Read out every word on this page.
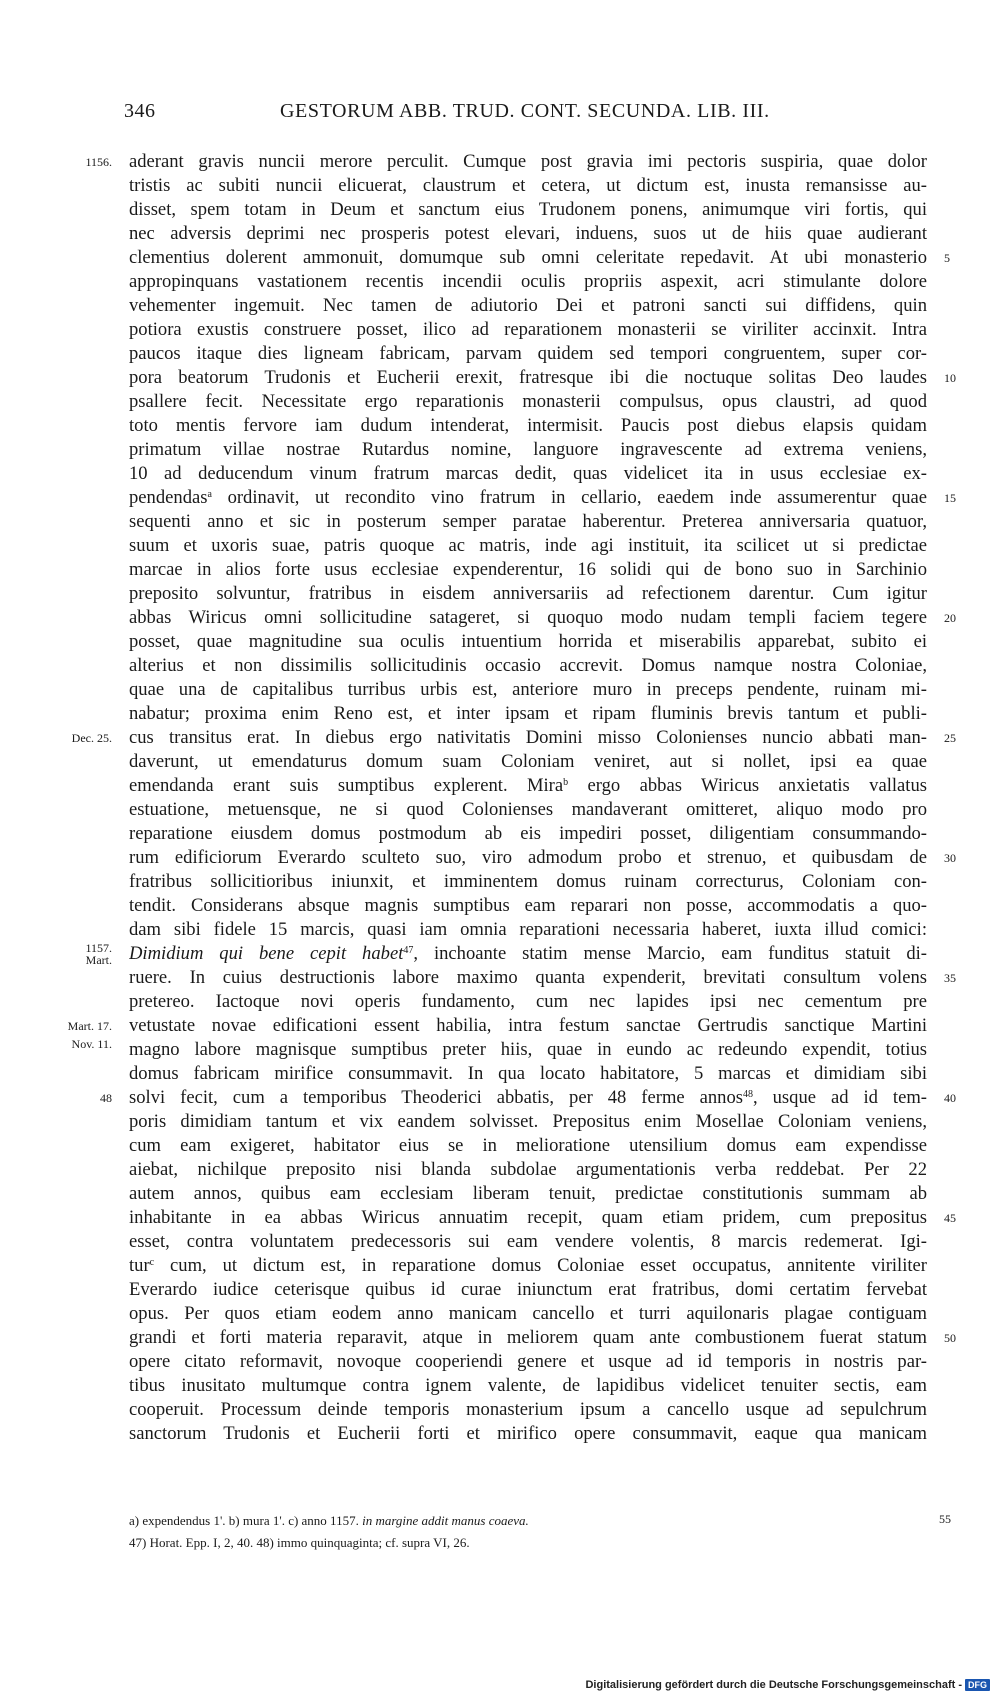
346	GESTORUM ABB. TRUD. CONT. SECUNDA. LIB. III.
aderant gravis nuncii merore perculit. Cumque post gravia imi pectoris suspiria, quae dolor
tristis ac subiti nuncii elicuerat, claustrum et cetera, ut dictum est, inusta remansisse au-
disset, spem totam in Deum et sanctum eius Trudonem ponens, animumque viri fortis, qui
nec adversis deprimi nec prosperis potest elevari, induens, suos ut de hiis quae audierant
clementius dolerent ammonuit, domumque sub omni celeritate repedavit. At ubi monasterio
appropinquans vastationem recentis incendii oculis propriis aspexit, acri stimulante dolore
vehementer ingemuit. Nec tamen de adiutorio Dei et patroni sancti sui diffidens, quin
potiora exustis construere posset, ilico ad reparationem monasterii se viriliter accinxit. Intra
paucos itaque dies ligneam fabricam, parvam quidem sed tempori congruentem, super cor-
pora beatorum Trudonis et Eucherii erexit, fratresque ibi die noctuque solitas Deo laudes
psallere fecit. Necessitate ergo reparationis monasterii compulsus, opus claustri, ad quod
toto mentis fervore iam dudum intenderat, intermisit. Paucis post diebus elapsis quidam
primatum villae nostrae Rutardus nomine, languore ingravescente ad extrema veniens,
10 ad deducendum vinum fratrum marcas dedit, quas videlicet ita in usus ecclesiae ex-
pendendas$^a$ ordinavit, ut recondito vino fratrum in cellario, eaedem inde assumerentur quae
sequenti anno et sic in posterum semper paratae haberentur. Preterea anniversaria quatuor,
suum et uxoris suae, patris quoque ac matris, inde agi instituit, ita scilicet ut si predictae
marcae in alios forte usus ecclesiae expenderentur, 16 solidi qui de bono suo in Sarchinio
preposito solvuntur, fratribus in eisdem anniversariis ad refectionem darentur. Cum igitur
abbas Wiricus omni sollicitudine satageret, si quoquo modo nudam templi faciem tegere
posset, quae magnitudine sua oculis intuentium horrida et miserabilis apparebat, subito ei
alterius et non dissimilis sollicitudinis occasio accrevit. Domus namque nostra Coloniae,
quae una de capitalibus turribus urbis est, anteriore muro in preceps pendente, ruinam mi-
nabatur; proxima enim Reno est, et inter ipsam et ripam fluminis brevis tantum et publi-
cus transitus erat. In diebus ergo nativitatis Domini misso Colonienses nuncio abbati man-
daverunt, ut emendaturus domum suam Coloniam veniret, aut si nollet, ipsi ea quae
emendanda erant suis sumptibus explerent. Mira$^b$ ergo abbas Wiricus anxietatis vallatus
estuatione, metuensque, ne si quod Colonienses mandaverant omitteret, aliquo modo pro
reparatione eiusdem domus postmodum ab eis impediri posset, diligentiam consummando-
rum edificiorum Everardo sculteto suo, viro admodum probo et strenuo, et quibusdam de
fratribus sollicitioribus iniunxit, et imminentem domus ruinam correcturus, Coloniam con-
tendit. Considerans absque magnis sumptibus eam reparari non posse, accommodatis a quo-
dam sibi fidele 15 marcis, quasi iam omnia reparationi necessaria haberet, iuxta illud comici:
Dimidium qui bene cepit habet$^{47}$, inchoante statim mense Marcio, eam funditus statuit di-
ruere. In cuius destructionis labore maximo quanta expenderit, brevitati consultum volens
pretereo. Iactoque novi operis fundamento, cum nec lapides ipsi nec cementum pre
vetustate novae edificationi essent habilia, intra festum sanctae Gertrudis sanctique Martini
magno labore magnisque sumptibus preter hiis, quae in eundo ac redeundo expendit, totius
domus fabricam mirifice consummavit. In qua locato habitatore, 5 marcas et dimidiam sibi
solvi fecit, cum a temporibus Theoderici abbatis, per 48 ferme annos$^{48}$, usque ad id tem-
poris dimidiam tantum et vix eandem solvisset. Prepositus enim Mosellae Coloniam veniens,
cum eam exigeret, habitator eius se in melioratione utensilium domus eam expendisse
aiebat, nichilque preposito nisi blanda subdolae argumentationis verba reddebat. Per 22
autem annos, quibus eam ecclesiam liberam tenuit, predictae constitutionis summam ab
inhabitante in ea abbas Wiricus annuatim recepit, quam etiam pridem, cum prepositus
esset, contra voluntatem predecessoris sui eam vendere volentis, 8 marcis redemerat. Igi-
tur$^c$ cum, ut dictum est, in reparatione domus Coloniae esset occupatus, annitente viriliter
Everardo iudice ceterisque quibus id curae iniunctum erat fratribus, domi certatim fervebat
opus. Per quos etiam eodem anno manicam cancello et turri aquilonaris plagae contiguam
grandi et forti materia reparavit, atque in meliorem quam ante combustionem fuerat statum
opere citato reformavit, novoque cooperiendi genere et usque ad id temporis in nostris par-
tibus inusitato multumque contra ignem valente, de lapidibus videlicet tenuiter sectis, eam
cooperuit. Processum deinde temporis monasterium ipsum a cancello usque ad sepulchrum
sanctorum Trudonis et Eucherii forti et mirifico opere consummavit, eaque qua manicam
5
10
15
20
25
30
35
40
45
50
1156.
Dec. 25.
1157.
Mart.
Mart. 17.
Nov. 11.
48
a) expendendus 1'. b) mura 1'. c) anno 1157. in margine addit manus coaeva.
47) Horat. Epp. I, 2, 40. 48) immo quinquaginta; cf. supra VI, 26.
55
Digitalisierung gefördert durch die Deutsche Forschungsgemeinschaft - DFG
